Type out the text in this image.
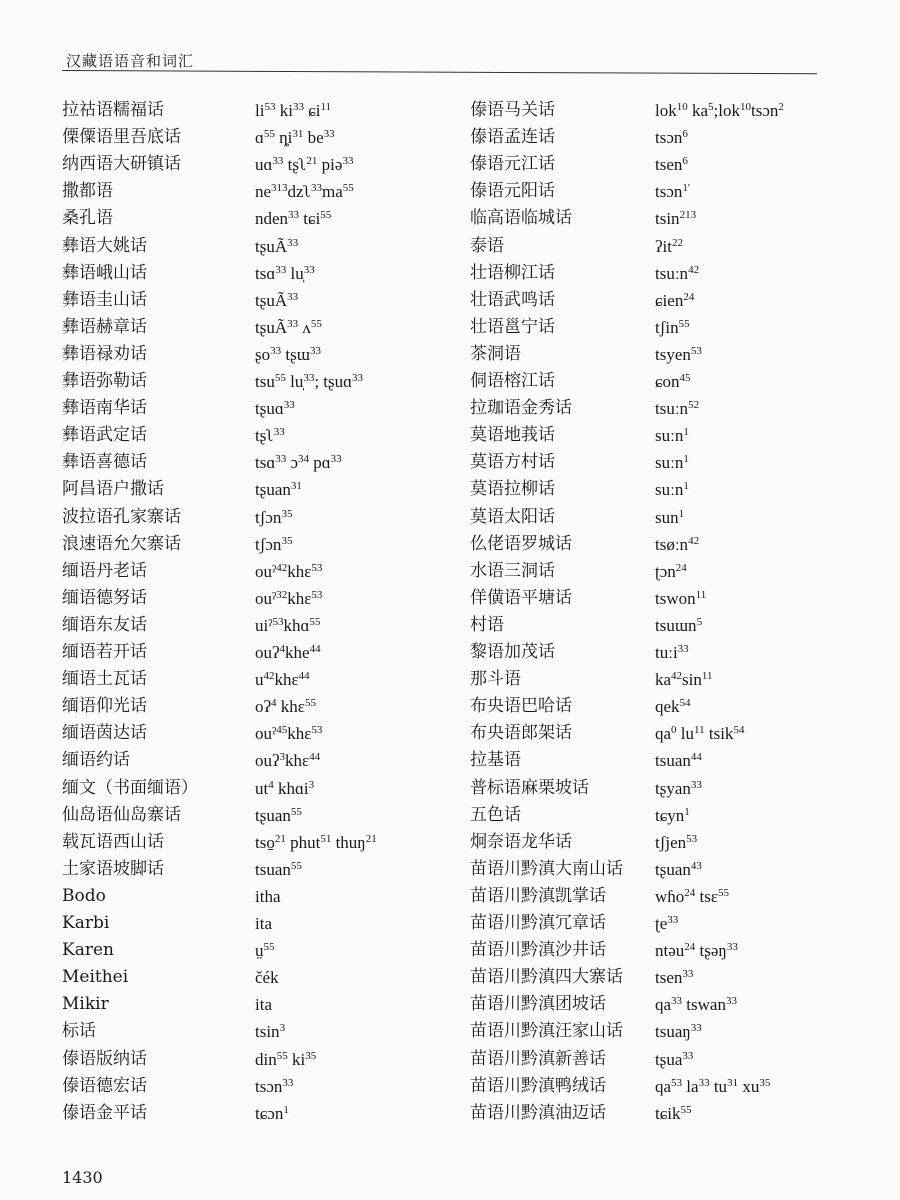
汉藏语语音和词汇
拉祜语糯福话	$li^{53}$ $ki^{33}$ ɕi$^{11}$
傈僳语里吾底话	ɑ$^{55}$ $ȵi^{31}$ $be^{33}$
纳西语大研镇话	uɑ$^{33}$ tʂʅ$^{21}$ piə$^{33}$
撒都语	$ne^{313}dzʅ^{33}ma^{55}$
桑孔语	nden$^{33}$ tɕi$^{55}$
彝语大姚话	tʂuÃ$^{33}$
彝语峨山话	tsɑ$^{33}$ lu̩$^{33}$
彝语圭山话	tʂuÃ$^{33}$
彝语赫章话	tʂuÃ$^{33}$ ʌ$^{55}$
彝语禄劝话	ʂo$^{33}$ tʂɯ$^{33}$
彝语弥勒话	tsu$^{55}$ lu̩$^{33}$; tʂuɑ$^{33}$
彝语南华话	tʂuɑ$^{33}$
彝语武定话	tʂʅ$^{33}$
彝语喜德话	tsɑ$^{33}$ ɔ$^{34}$ pɑ$^{33}$
阿昌语户撒话	tʂuan$^{31}$
波拉语孔家寨话	tʃɔn$^{35}$
浪速语允欠寨话	tʃɔn$^{35}$
缅语丹老话	ouˀ$^{42}$khɛ$^{53}$
缅语德努话	ouˀ$^{32}$khɛ$^{53}$
缅语东友话	uiˀ$^{53}$khɑ$^{55}$
缅语若开话	ouʔ$^4$khe$^{44}$
缅语土瓦话	$u^{42}khɛ^{44}$
缅语仰光话	oʔ$^4$ khɛ$^{55}$
缅语茵达话	ouˀ$^{45}$khɛ$^{53}$
缅语约话	ouʔ$^3$khɛ$^{44}$
缅文（书面缅语）	$ut^4$ khɑi$^3$
仙岛语仙岛寨话	tʂuan$^{55}$
载瓦语西山话	tso̱$^{21}$ phut$^{51}$ thuŋ$^{21}$
土家语坡脚话	tsuan$^{55}$
Bodo	itha
Karbi	ita
Karen	ṳ$^{55}$
Meithei	čék
Mikir	ita
标话	tsin$^3$
傣语版纳话	din$^{55}$ $ki^{35}$
傣语德宏话	tsɔn$^{33}$
傣语金平话	tɕɔn$^1$
傣语马关话	lok$^{10}$ $ka^5;lok^{10}tsɔn^2$
傣语孟连话	tsɔn$^6$
傣语元江话	tsen$^6$
傣语元阳话	tsɔn$^{1'}$
临高语临城话	tsin$^{213}$
泰语	ʔit$^{22}$
壮语柳江话	tsuːn$^{42}$
壮语武鸣话	ɕien$^{24}$
壮语邕宁话	tʃin$^{55}$
茶洞语	tsyen$^{53}$
侗语榕江话	ɕon$^{45}$
拉珈语金秀话	tsuːn$^{52}$
莫语地莪话	suːn$^1$
莫语方村话	suːn$^1$
莫语拉柳话	suːn$^1$
莫语太阳话	sun$^1$
仫佬语罗城话	tsøːn$^{42}$
水语三洞话	ʈɔn$^{24}$
佯僙语平塘话	tswon$^{11}$
村语	tsuɯn$^5$
黎语加茂话	tuːi$^{33}$
那斗语	$ka^{42}\sin^{11}$
布央语巴哈话	qek$^{54}$
布央语郎架话	$qa^0$ $lu^{11}$ tsik$^{54}$
拉基语	tsuan$^{44}$
普标语麻栗坡话	tʂyan$^{33}$
五色话	tɕyn$^1$
炯奈语龙华话	tʃjen$^{53}$
苗语川黔滇大南山话 tʂuan$^{43}$
苗语川黔滇凯掌话	wɦo$^{24}$ tsɛ$^{55}$
苗语川黔滇冗章话	ʈe$^{33}$
苗语川黔滇沙井话	ntəu$^{24}$ tʂəŋ$^{33}$
苗语川黔滇四大寨话 tsen$^{33}$
苗语川黔滇团坡话	$qa^{33}$ tswan$^{33}$
苗语川黔滇汪家山话 tsuaŋ$^{33}$
苗语川黔滇新善话	tʂua$^{33}$
苗语川黔滇鸭绒话	$qa^{53}$ $la^{33}$ $tu^{31}$ $xu^{35}$
苗语川黔滇油迈话	tɕik$^{55}$
1430
